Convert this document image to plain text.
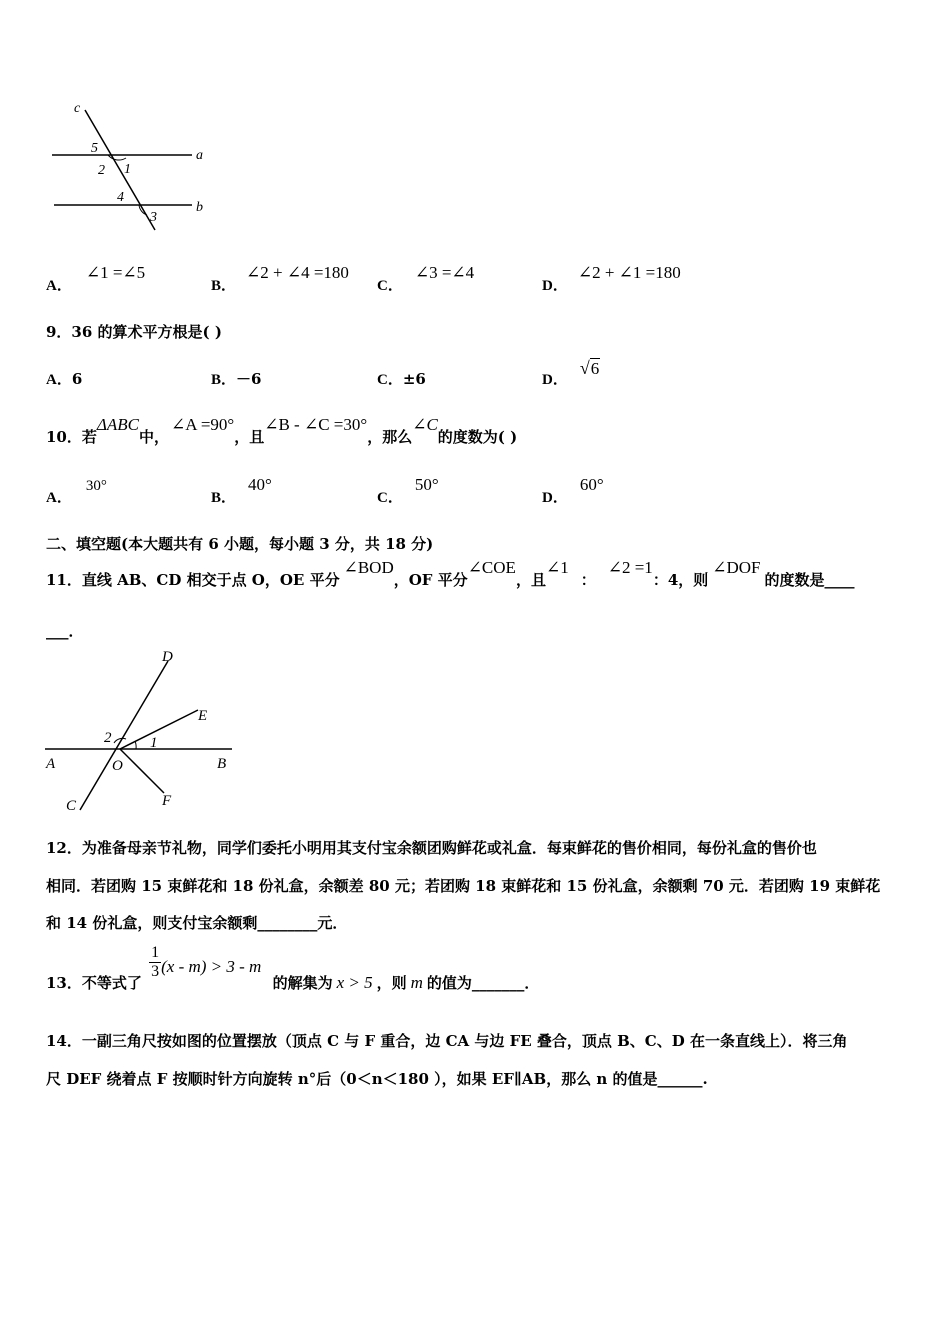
c
a
b
5
1
2
4
3
A．∠1 =∠5
B．∠2 + ∠4 =180
C．∠3 =∠4
D．∠2 + ∠1 =180
9．36 的算术平方根是( )
A．6	B．－6	C．±6	D．√6
10．若ΔABC中，∠A =90°，且∠B - ∠C =30°，那么∠C的度数为( )
A．30°
B．40°
C．50°
D．60°
二、填空题(本大题共有 6 小题，每小题 3 分，共 18 分)
11．直线 AB、CD 相交于点 O，OE 平分∠BOD，OF 平分∠COE，且∠1：∠2 =1：4，则∠DOF的度数是____
___．
D
E
2	1
A	O	B
C	F
12．为准备母亲节礼物，同学们委托小明用其支付宝余额团购鲜花或礼盒．每束鲜花的售价相同，每份礼盒的售价也
相同．若团购 15 束鲜花和 18 份礼盒，余额差 80 元；若团购 18 束鲜花和 15 份礼盒，余额剩 70 元．若团购 19 束鲜花
和 14 份礼盒，则支付宝余额剩________元．
13．不等式了
$\frac{1}{3} (x - m) > 3 - m$ 的解集为 x > 5 ，则 m 的值为_______．
14．一副三角尺按如图的位置摆放（顶点 C 与 F 重合，边 CA 与边 FE 叠合，顶点 B、C、D 在一条直线上）．将三角
尺 DEF 绕着点 F 按顺时针方向旋转 n°后（0＜n＜180 ），如果 EF∥AB，那么 n 的值是______.
